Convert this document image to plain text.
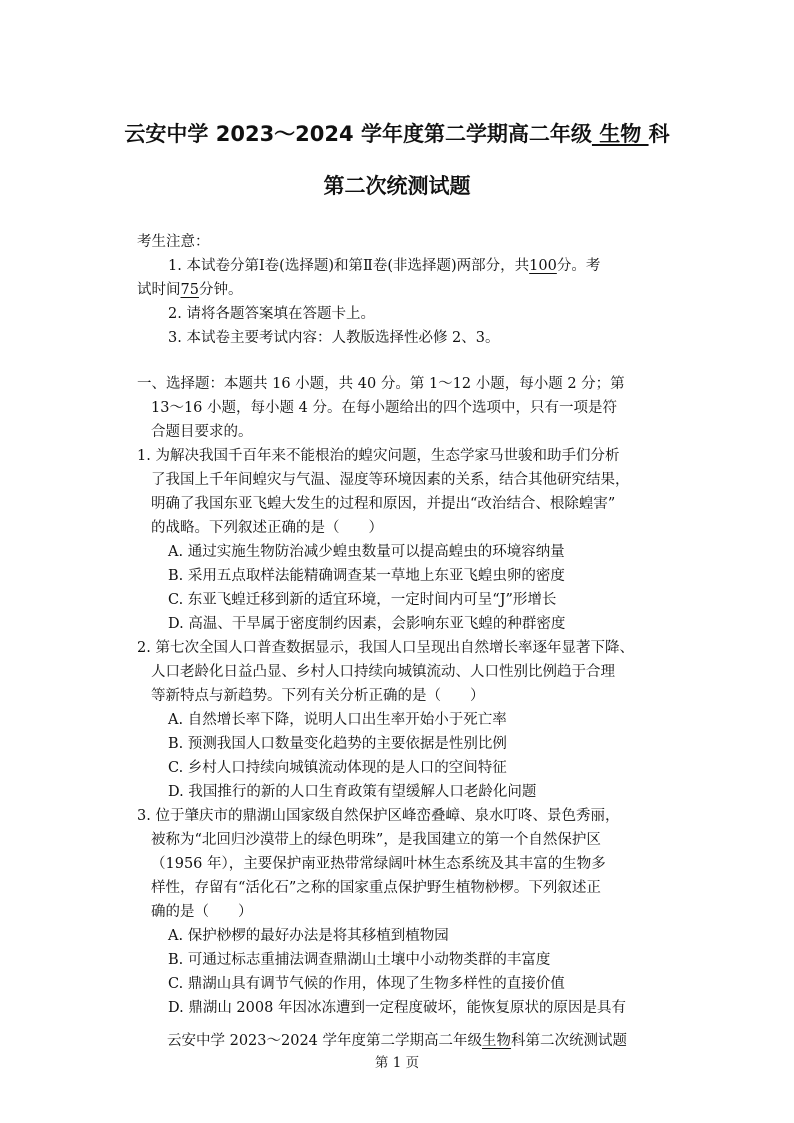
云安中学 2023～2024 学年度第二学期高二年级 生物 科
第二次统测试题
考生注意：
1. 本试卷分第Ⅰ卷(选择题)和第Ⅱ卷(非选择题)两部分，共100分。考
试时间75分钟。
2. 请将各题答案填在答题卡上。
3. 本试卷主要考试内容：人教版选择性必修 2、3。
一、选择题：本题共 16 小题，共 40 分。第 1～12 小题，每小题 2 分；第
13～16 小题，每小题 4 分。在每小题给出的四个选项中，只有一项是符
合题目要求的。
1. 为解决我国千百年来不能根治的蝗灾问题，生态学家马世骏和助手们分析
了我国上千年间蝗灾与气温、湿度等环境因素的关系，结合其他研究结果，
明确了我国东亚飞蝗大发生的过程和原因，并提出“改治结合、根除蝗害”
的战略。下列叙述正确的是（　　）
A. 通过实施生物防治减少蝗虫数量可以提高蝗虫的环境容纳量
B. 采用五点取样法能精确调查某一草地上东亚飞蝗虫卵的密度
C. 东亚飞蝗迁移到新的适宜环境，一定时间内可呈“J”形增长
D. 高温、干旱属于密度制约因素，会影响东亚飞蝗的种群密度
2. 第七次全国人口普查数据显示，我国人口呈现出自然增长率逐年显著下降、
人口老龄化日益凸显、乡村人口持续向城镇流动、人口性别比例趋于合理
等新特点与新趋势。下列有关分析正确的是（　　）
A. 自然增长率下降，说明人口出生率开始小于死亡率
B. 预测我国人口数量变化趋势的主要依据是性别比例
C. 乡村人口持续向城镇流动体现的是人口的空间特征
D. 我国推行的新的人口生育政策有望缓解人口老龄化问题
3. 位于肇庆市的鼎湖山国家级自然保护区峰峦叠嶂、泉水叮咚、景色秀丽，
被称为“北回归沙漠带上的绿色明珠”，是我国建立的第一个自然保护区
（1956 年），主要保护南亚热带常绿阔叶林生态系统及其丰富的生物多
样性，存留有“活化石”之称的国家重点保护野生植物桫椤。下列叙述正
确的是（　　）
A. 保护桫椤的最好办法是将其移植到植物园
B. 可通过标志重捕法调查鼎湖山土壤中小动物类群的丰富度
C. 鼎湖山具有调节气候的作用，体现了生物多样性的直接价值
D. 鼎湖山 2008 年因冰冻遭到一定程度破坏，能恢复原状的原因是具有
云安中学 2023～2024 学年度第二学期高二年级生物科第二次统测试题
第 1 页
